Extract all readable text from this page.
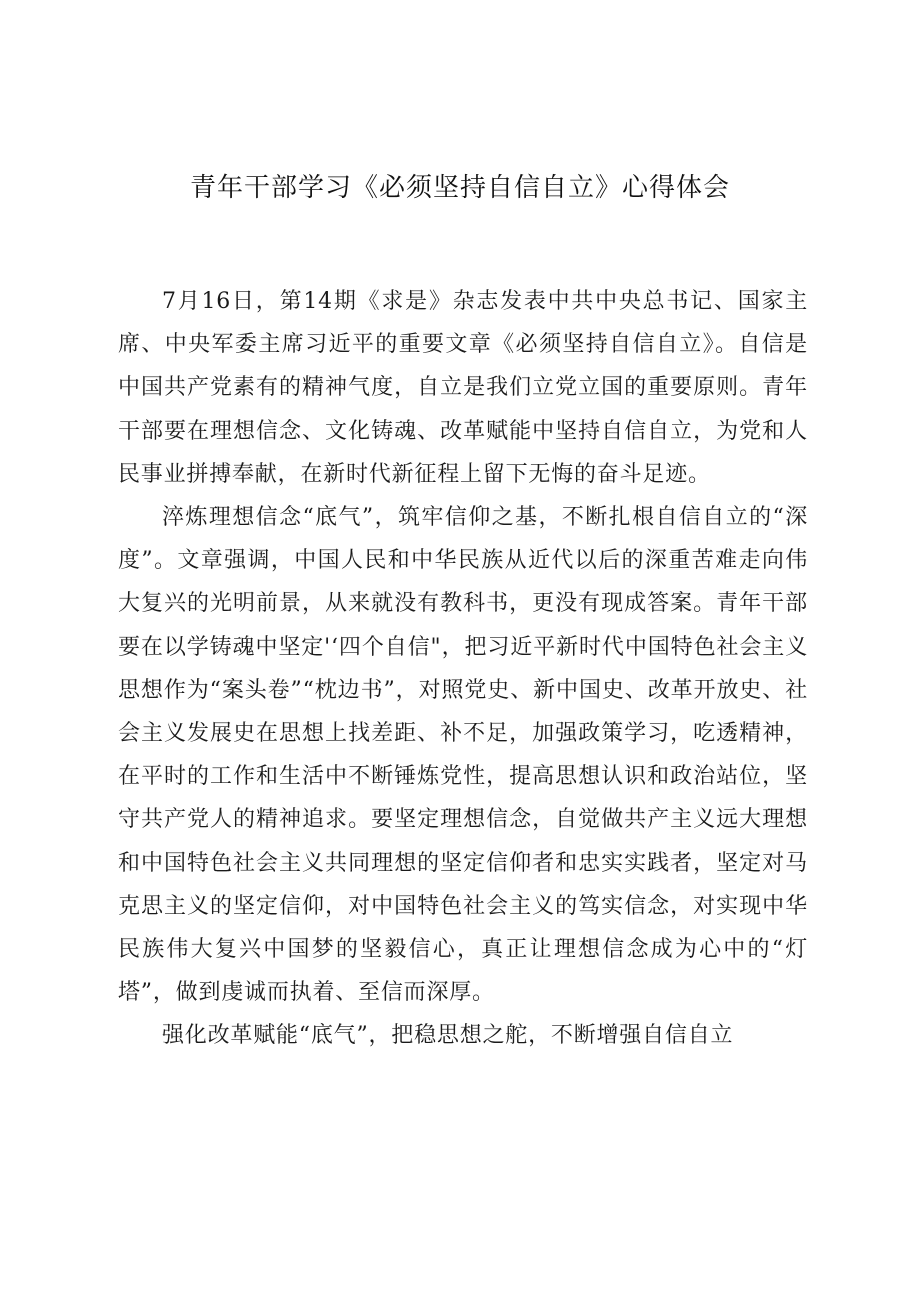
青年干部学习《必须坚持自信自立》心得体会

7月16日，第14期《求是》杂志发表中共中央总书记、国家主席、中央军委主席习近平的重要文章《必须坚持自信自立》。自信是中国共产党素有的精神气度，自立是我们立党立国的重要原则。青年干部要在理想信念、文化铸魂、改革赋能中坚持自信自立，为党和人民事业拼搏奉献，在新时代新征程上留下无悔的奋斗足迹。

淬炼理想信念“底气”，筑牢信仰之基，不断扎根自信自立的“深度”。文章强调，中国人民和中华民族从近代以后的深重苦难走向伟大复兴的光明前景，从来就没有教科书，更没有现成答案。青年干部要在以学铸魂中坚定'‘四个自信"，把习近平新时代中国特色社会主义思想作为“案头卷”“枕边书”，对照党史、新中国史、改革开放史、社会主义发展史在思想上找差距、补不足，加强政策学习，吃透精神，在平时的工作和生活中不断锤炼党性，提高思想认识和政治站位，坚守共产党人的精神追求。要坚定理想信念，自觉做共产主义远大理想和中国特色社会主义共同理想的坚定信仰者和忠实实践者，坚定对马克思主义的坚定信仰，对中国特色社会主义的笃实信念，对实现中华民族伟大复兴中国梦的坚毅信心，真正让理想信念成为心中的“灯塔”，做到虔诚而执着、至信而深厚。

强化改革赋能“底气”，把稳思想之舵，不断增强自信自立
